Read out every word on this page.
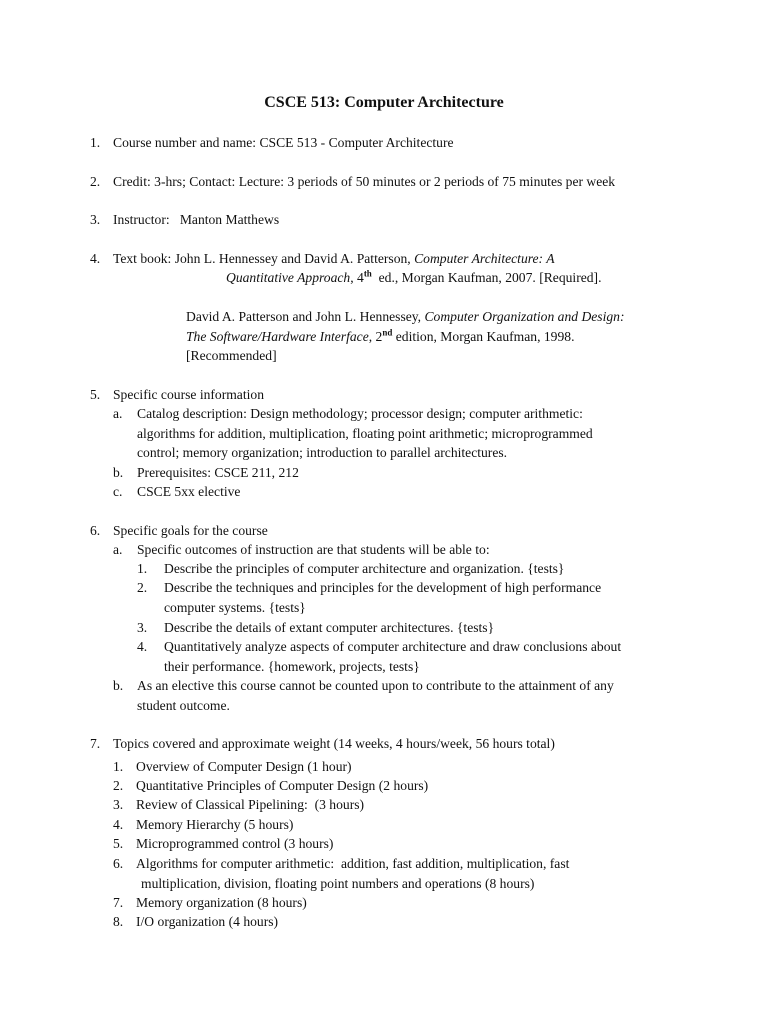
CSCE 513: Computer Architecture
1. Course number and name: CSCE 513 - Computer Architecture
2. Credit: 3-hrs; Contact: Lecture: 3 periods of 50 minutes or 2 periods of 75 minutes per week
3. Instructor:   Manton Matthews
4. Text book: John L. Hennessey and David A. Patterson, Computer Architecture: A
Quantitative Approach, 4th  ed., Morgan Kaufman, 2007. [Required].
David A. Patterson and John L. Hennessey, Computer Organization and Design:
The Software/Hardware Interface, 2nd edition, Morgan Kaufman, 1998.
[Recommended]
5. Specific course information
a. Catalog description: Design methodology; processor design; computer arithmetic:
algorithms for addition, multiplication, floating point arithmetic; microprogrammed
control; memory organization; introduction to parallel architectures.
b. Prerequisites: CSCE 211, 212
c. CSCE 5xx elective
6. Specific goals for the course
a. Specific outcomes of instruction are that students will be able to:
1. Describe the principles of computer architecture and organization. {tests}
2. Describe the techniques and principles for the development of high performance
computer systems. {tests}
3. Describe the details of extant computer architectures. {tests}
4. Quantitatively analyze aspects of computer architecture and draw conclusions about
their performance. {homework, projects, tests}
b. As an elective this course cannot be counted upon to contribute to the attainment of any
student outcome.
7. Topics covered and approximate weight (14 weeks, 4 hours/week, 56 hours total)
1. Overview of Computer Design (1 hour)
2. Quantitative Principles of Computer Design (2 hours)
3. Review of Classical Pipelining:  (3 hours)
4. Memory Hierarchy (5 hours)
5. Microprogrammed control (3 hours)
6. Algorithms for computer arithmetic:  addition, fast addition, multiplication, fast
multiplication, division, floating point numbers and operations (8 hours)
7. Memory organization (8 hours)
8. I/O organization (4 hours)
